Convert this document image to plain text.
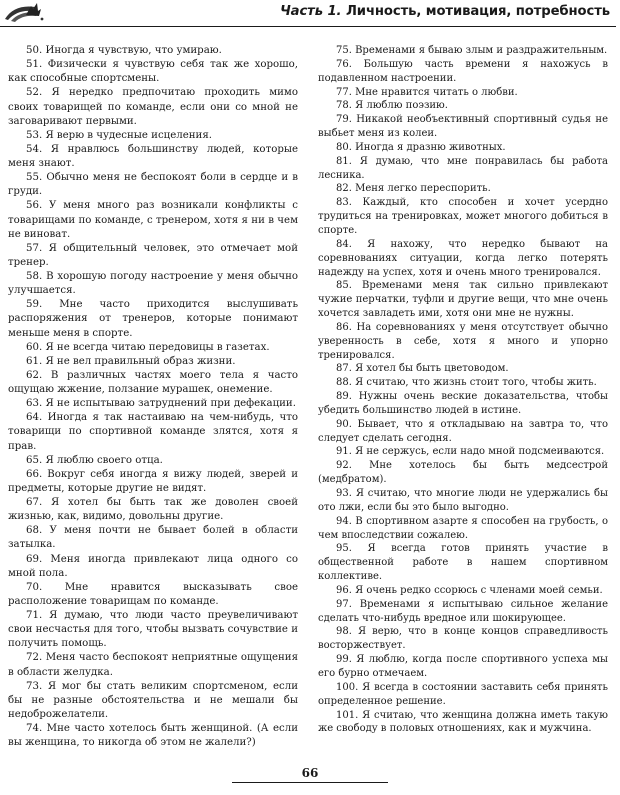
Часть 1. Личность, мотивация, потребность

50. Иногда я чувствую, что умираю.

51. Физически я чувствую себя так же хорошо, как способные спортсмены.

52. Я нередко предпочитаю проходить мимо своих товарищей по команде, если они со мной не заговаривают первыми.

53. Я верю в чудесные исцеления.

54. Я нравлюсь большинству людей, которые меня знают.

55. Обычно меня не беспокоят боли в сердце и в груди.

56. У меня много раз возникали конфликты с товарищами по команде, с тренером, хотя я ни в чем не виноват.

57. Я общительный человек, это отмечает мой тренер.

58. В хорошую погоду настроение у меня обычно улучшается.

59. Мне часто приходится выслушивать распоряжения от тренеров, которые понимают меньше меня в спорте.

60. Я не всегда читаю передовицы в газетах.

61. Я не вел правильный образ жизни.

62. В различных частях моего тела я часто ощущаю жжение, ползание мурашек, онемение.

63. Я не испытываю затруднений при дефекации.

64. Иногда я так настаиваю на чем-нибудь, что товарищи по спортивной команде злятся, хотя я прав.

65. Я люблю своего отца.

66. Вокруг себя иногда я вижу людей, зверей и предметы, которые другие не видят.

67. Я хотел бы быть так же доволен своей жизнью, как, видимо, довольны другие.

68. У меня почти не бывает болей в области затылка.

69. Меня иногда привлекают лица одного со мной пола.

70. Мне нравится высказывать свое расположение товарищам по команде.

71. Я думаю, что люди часто преувеличивают свои несчастья для того, чтобы вызвать сочувствие и получить помощь.

72. Меня часто беспокоят неприятные ощущения в области желудка.

73. Я мог бы стать великим спортсменом, если бы не разные обстоятельства и не мешали бы недоброжелатели.

74. Мне часто хотелось быть женщиной. (А если вы женщина, то никогда об этом не жалели?)

75. Временами я бываю злым и раздражительным.

76. Большую часть времени я нахожусь в подавленном настроении.

77. Мне нравится читать о любви.

78. Я люблю поэзию.

79. Никакой необъективный спортивный судья не выбьет меня из колеи.

80. Иногда я дразню животных.

81. Я думаю, что мне понравилась бы работа лесника.

82. Меня легко переспорить.

83. Каждый, кто способен и хочет усердно трудиться на тренировках, может многого добиться в спорте.

84. Я нахожу, что нередко бывают на соревнованиях ситуации, когда легко потерять надежду на успех, хотя и очень много тренировался.

85. Временами меня так сильно привлекают чужие перчатки, туфли и другие вещи, что мне очень хочется завладеть ими, хотя они мне не нужны.

86. На соревнованиях у меня отсутствует обычно уверенность в себе, хотя я много и упорно тренировался.

87. Я хотел бы быть цветоводом.

88. Я считаю, что жизнь стоит того, чтобы жить.

89. Нужны очень веские доказательства, чтобы убедить большинство людей в истине.

90. Бывает, что я откладываю на завтра то, что следует сделать сегодня.

91. Я не сержусь, если надо мной подсмеиваются.

92. Мне хотелось бы быть медсестрой (медбратом).

93. Я считаю, что многие люди не удержались бы ото лжи, если бы это было выгодно.

94. В спортивном азарте я способен на грубость, о чем впоследствии сожалею.

95. Я всегда готов принять участие в общественной работе в нашем спортивном коллективе.

96. Я очень редко ссорюсь с членами моей семьи.

97. Временами я испытываю сильное желание сделать что-нибудь вредное или шокирующее.

98. Я верю, что в конце концов справедливость восторжествует.

99. Я люблю, когда после спортивного успеха мы его бурно отмечаем.

100. Я всегда в состоянии заставить себя принять определенное решение.

101. Я считаю, что женщина должна иметь такую же свободу в половых отношениях, как и мужчина.

66
